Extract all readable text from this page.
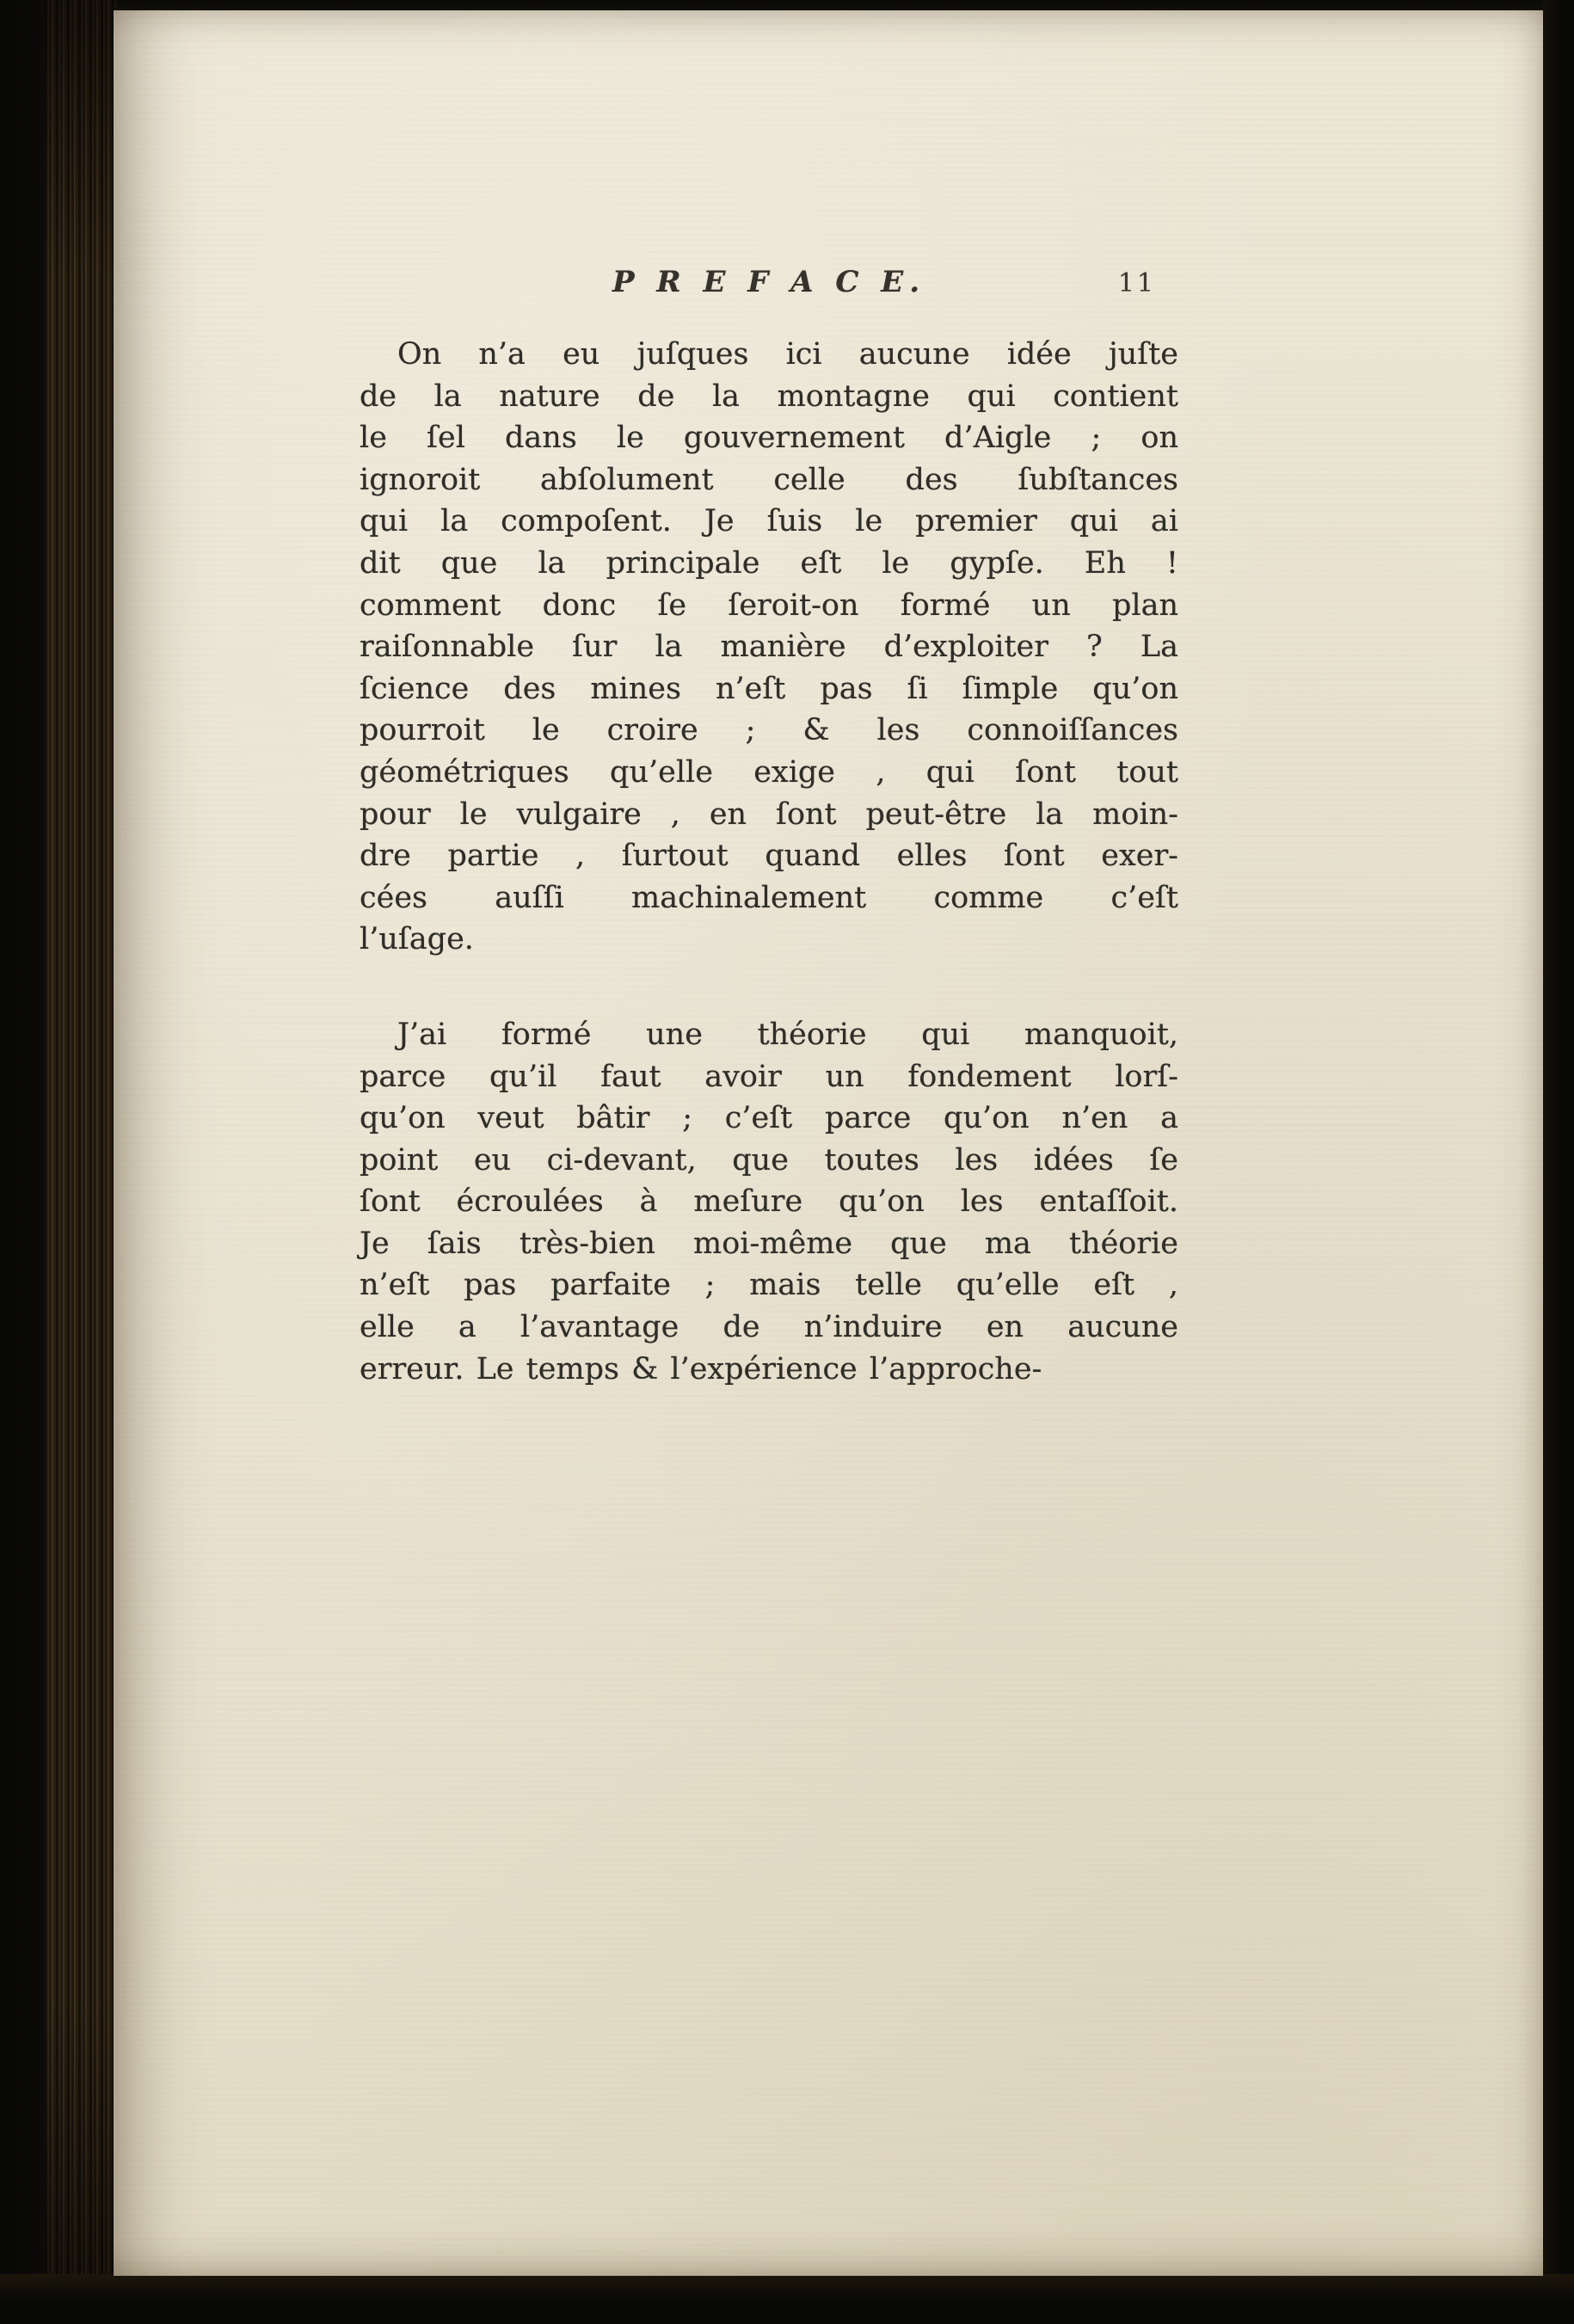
P R E F A C E.	11
On n’a eu juſques ici aucune idée juſte
de la nature de la montagne qui contient
le ſel dans le gouvernement d’Aigle ; on
ignoroit abſolument celle des ſubſtances
qui la compoſent. Je ſuis le premier qui ai
dit que la principale eſt le gypſe. Eh !
comment donc ſe ſeroit-on formé un plan
raiſonnable ſur la manière d’exploiter ? La
ſcience des mines n’eſt pas ſi ſimple qu’on
pourroit le croire ; & les connoiſſances
géométriques qu’elle exige , qui ſont tout
pour le vulgaire , en ſont peut-être la moin-
dre partie , ſurtout quand elles ſont exer-
cées auſſi machinalement comme c’eſt
l’uſage.
J’ai formé une théorie qui manquoit,
parce qu’il faut avoir un fondement lorſ-
qu’on veut bâtir ; c’eſt parce qu’on n’en a
point eu ci-devant, que toutes les idées ſe
ſont écroulées à meſure qu’on les entaſſoit.
Je ſais très-bien moi-même que ma théorie
n’eſt pas parfaite ; mais telle qu’elle eſt ,
elle a l’avantage de n’induire en aucune
erreur. Le temps & l’expérience l’approche-
